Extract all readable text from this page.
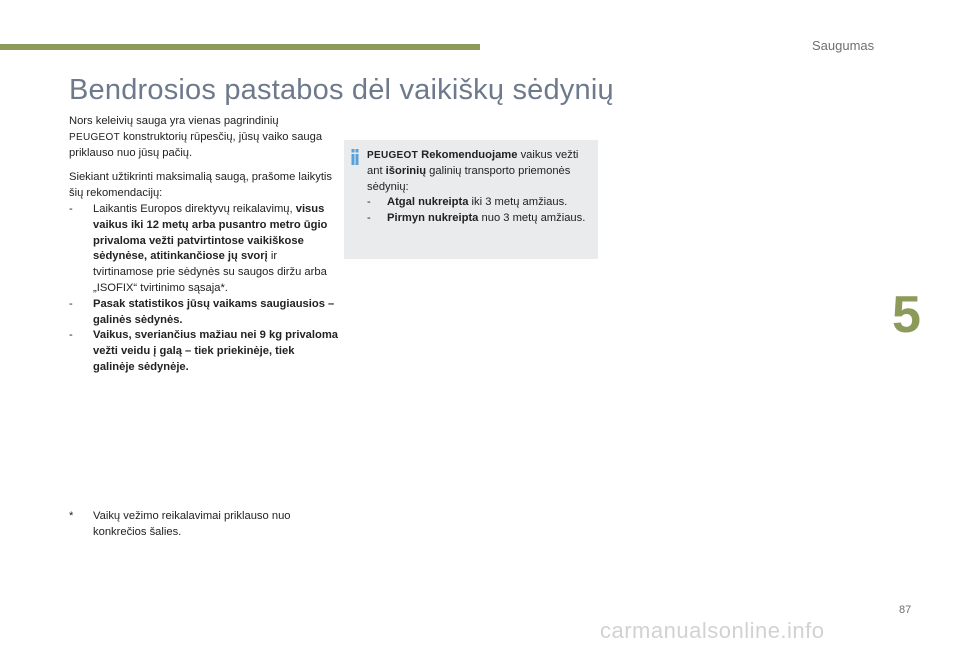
Saugumas
Bendrosios pastabos dėl vaikiškų sėdynių

Nors keleivių sauga yra vienas pagrindinių
PEUGEOT konstruktorių rūpesčių, jūsų vaiko sauga priklauso nuo jūsų pačių.

Siekiant užtikrinti maksimalią saugą, prašome laikytis šių rekomendacijų:

-	Laikantis Europos direktyvų reikalavimų, visus vaikus iki 12 metų arba pusantro metro ūgio privaloma vežti patvirtintose vaikiškose sėdynėse, atitinkančiose jų svorį ir tvirtinamose prie sėdynės su saugos diržu arba „ISOFIX“ tvirtinimo sąsaja*.
-	Pasak statistikos jūsų vaikams saugiausios – galinės sėdynės.
-	Vaikus, sveriančius mažiau nei 9 kg privaloma vežti veidu į galą – tiek priekinėje, tiek galinėje sėdynėje.
*	Vaikų vežimo reikalavimai priklauso nuo konkrečios šalies.
PEUGEOT Rekomenduojame vaikus vežti ant išorinių galinių transporto priemonės sėdynių:
-	Atgal nukreipta iki 3 metų amžiaus.
-	Pirmyn nukreipta nuo 3 metų amžiaus.
5
87
carmanualsonline.info
